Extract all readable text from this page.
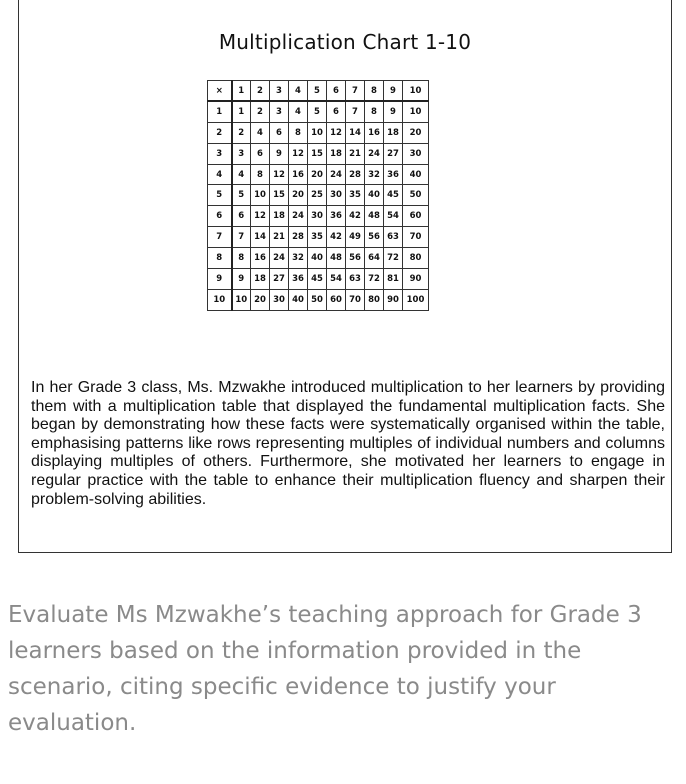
Multiplication Chart 1-10
×	1	2	3	4	5	6	7	8	9	10
1	1	2	3	4	5	6	7	8	9	10
2	2	4	6	8	10	12	14	16	18	20
3	3	6	9	12	15	18	21	24	27	30
4	4	8	12	16	20	24	28	32	36	40
5	5	10	15	20	25	30	35	40	45	50
6	6	12	18	24	30	36	42	48	54	60
7	7	14	21	28	35	42	49	56	63	70
8	8	16	24	32	40	48	56	64	72	80
9	9	18	27	36	45	54	63	72	81	90
10	10	20	30	40	50	60	70	80	90	100

In her Grade 3 class, Ms. Mzwakhe introduced multiplication to her learners by providing them with a multiplication table that displayed the fundamental multiplication facts. She began by demonstrating how these facts were systematically organised within the table, emphasising patterns like rows representing multiples of individual numbers and columns displaying multiples of others. Furthermore, she motivated her learners to engage in regular practice with the table to enhance their multiplication fluency and sharpen their problem-solving abilities.

Evaluate Ms Mzwakhe’s teaching approach for Grade 3 learners based on the information provided in the scenario, citing specific evidence to justify your evaluation.
